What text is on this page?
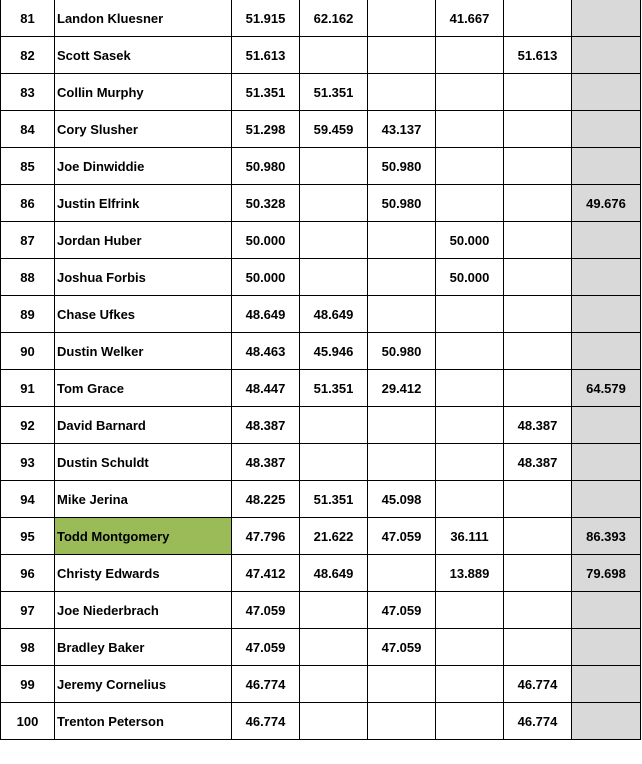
81	Landon Kluesner	51.915	62.162		41.667		
82	Scott Sasek	51.613				51.613	
83	Collin Murphy	51.351	51.351				
84	Cory Slusher	51.298	59.459	43.137			
85	Joe Dinwiddie	50.980		50.980			
86	Justin Elfrink	50.328		50.980			49.676
87	Jordan Huber	50.000			50.000		
88	Joshua Forbis	50.000			50.000		
89	Chase Ufkes	48.649	48.649				
90	Dustin Welker	48.463	45.946	50.980			
91	Tom Grace	48.447	51.351	29.412			64.579
92	David Barnard	48.387				48.387	
93	Dustin Schuldt	48.387				48.387	
94	Mike Jerina	48.225	51.351	45.098			
95	Todd Montgomery	47.796	21.622	47.059	36.111		86.393
96	Christy Edwards	47.412	48.649		13.889		79.698
97	Joe Niederbrach	47.059		47.059			
98	Bradley Baker	47.059		47.059			
99	Jeremy Cornelius	46.774				46.774	
100	Trenton Peterson	46.774				46.774	
